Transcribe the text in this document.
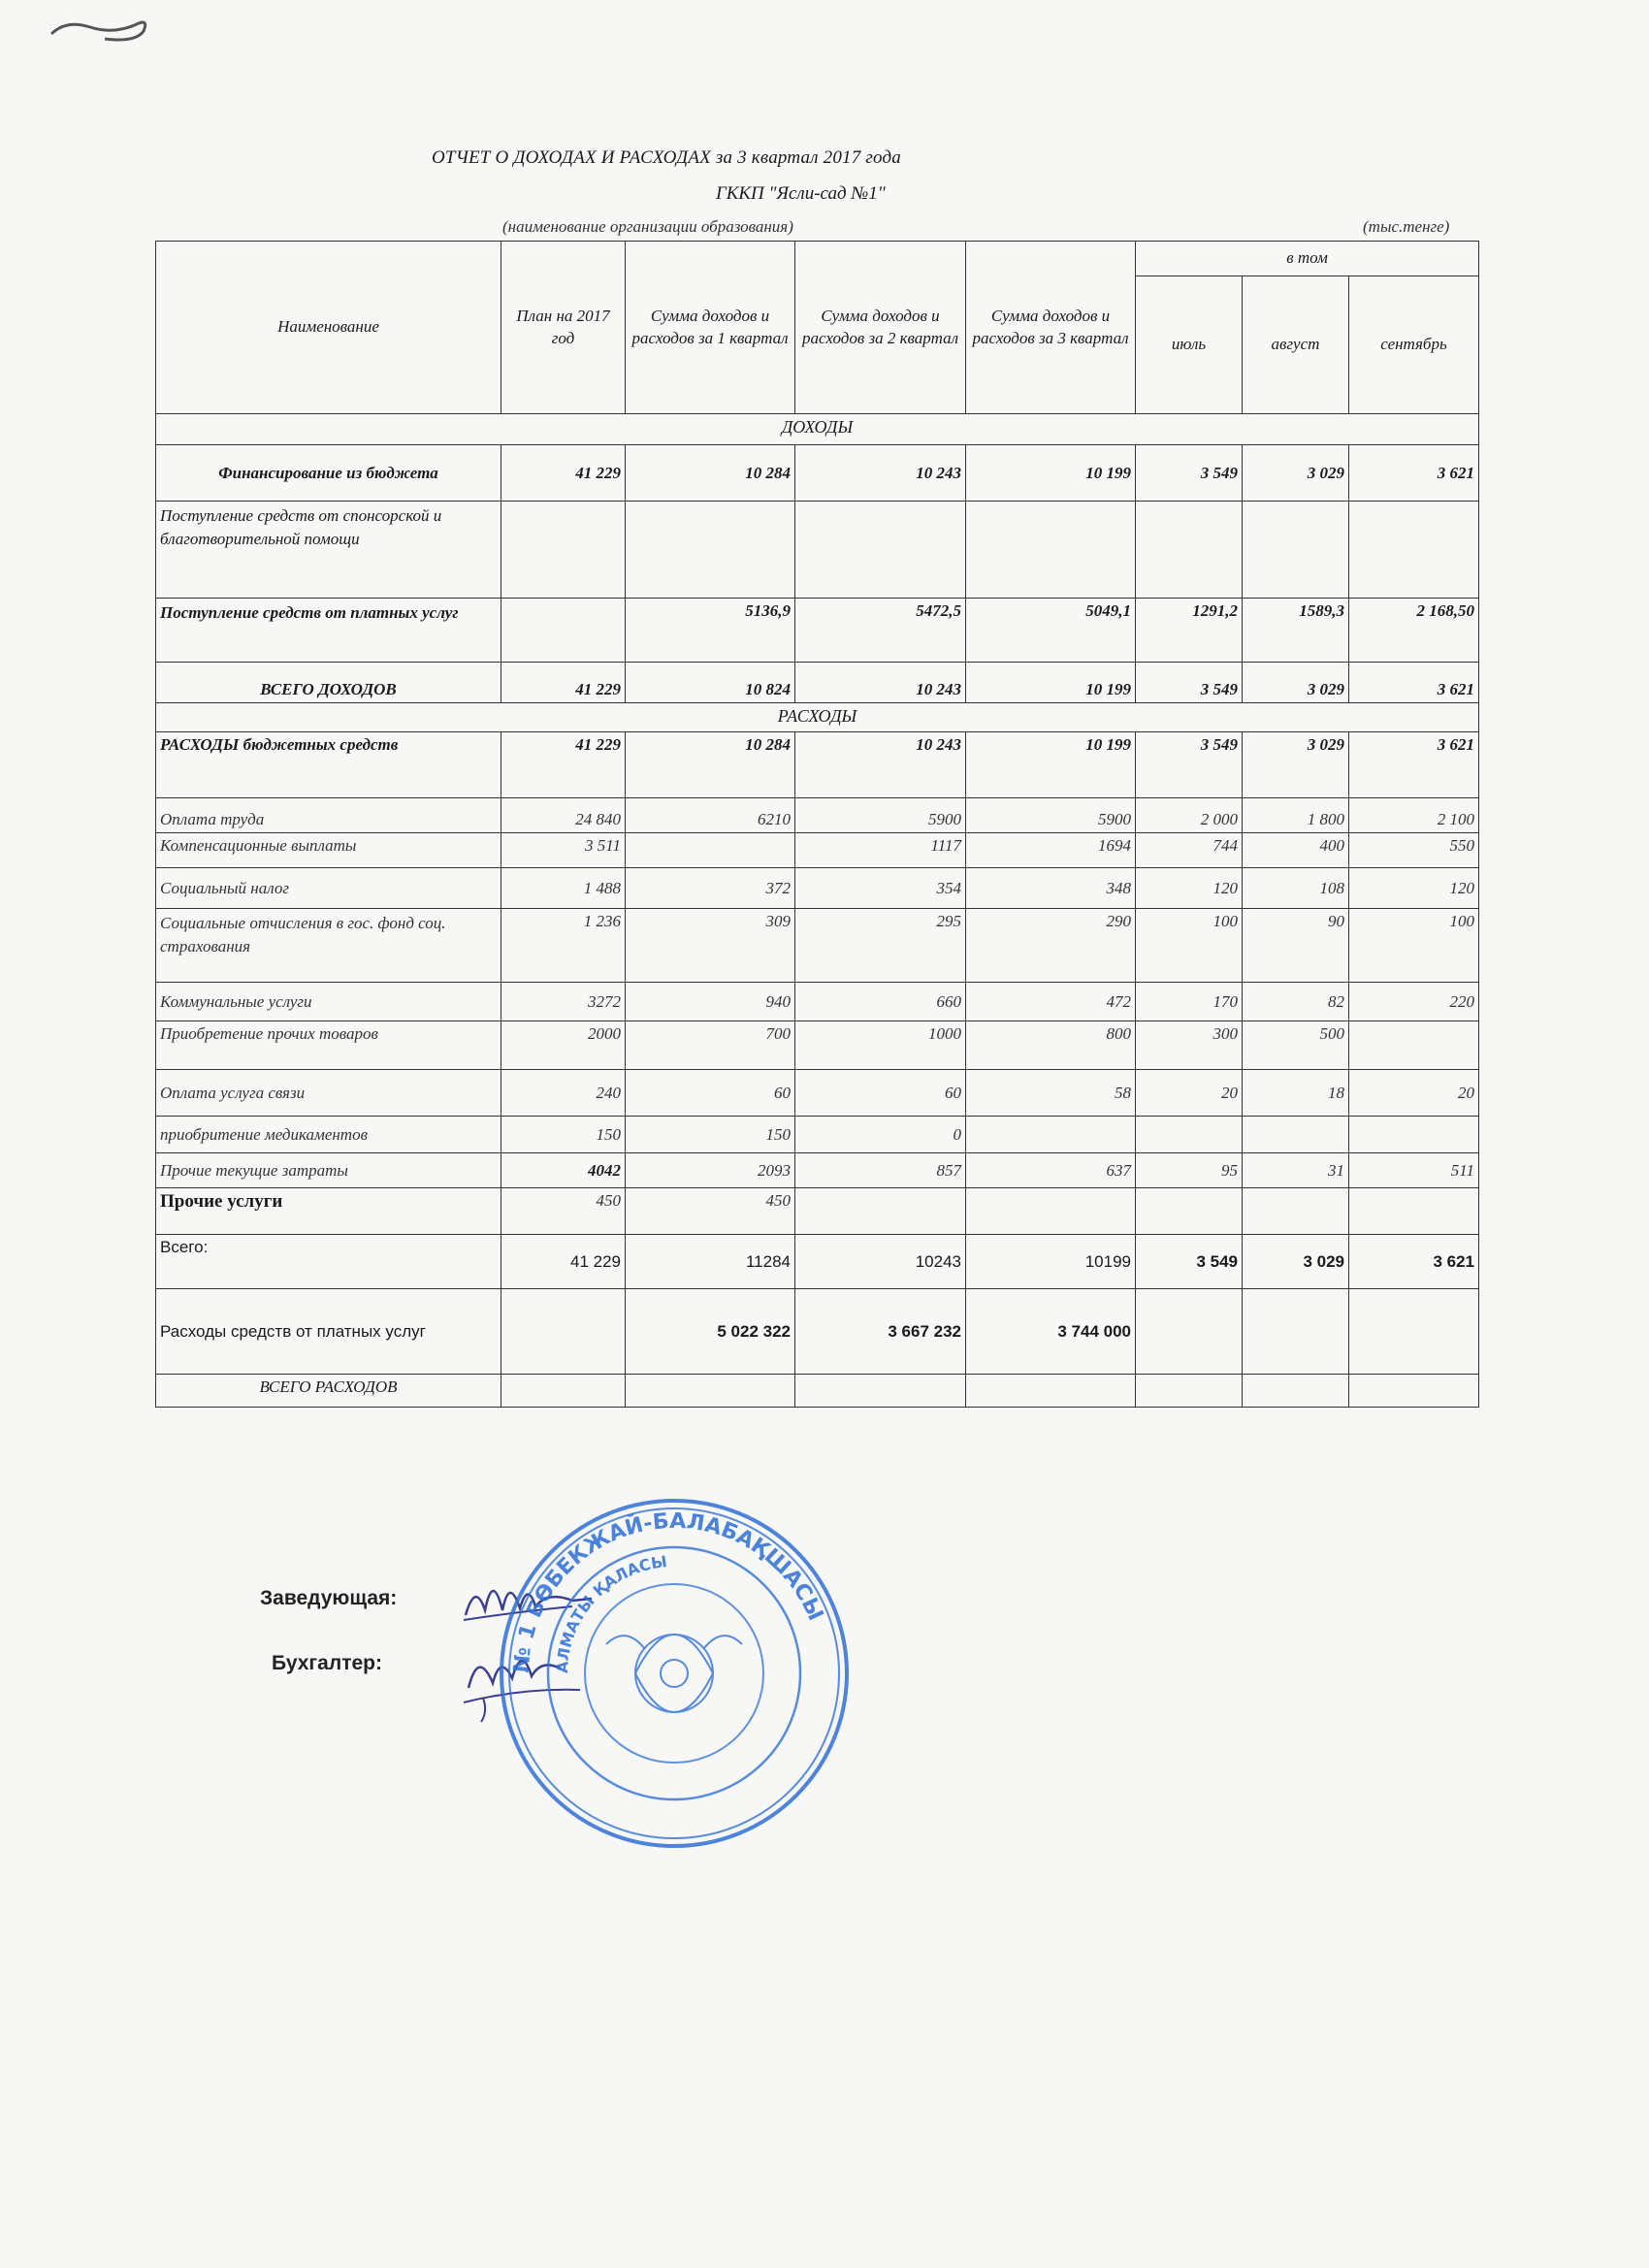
ОТЧЕТ О ДОХОДАХ И РАСХОДАХ за 3 квартал 2017 года
ГККП "Ясли-сад №1"
(наименование организации образования)	(тыс.тенге)
Наименование	План на 2017 год	Сумма доходов и расходов за 1 квартал	Сумма доходов и расходов за 2 квартал	Сумма доходов и расходов за 3 квартал	в том		
					июль	август	сентябрь
ДОХОДЫ							
Финансирование из бюджета	41 229	10 284	10 243	10 199	3 549	3 029	3 621
Поступление средств от спонсорской и благотворительной помощи							
Поступление средств от платных услуг		5136,9	5472,5	5049,1	1291,2	1589,3	2 168,50
ВСЕГО ДОХОДОВ	41 229	10 824	10 243	10 199	3 549	3 029	3 621
РАСХОДЫ							
РАСХОДЫ бюджетных средств	41 229	10 284	10 243	10 199	3 549	3 029	3 621
Оплата труда	24 840	6210	5900	5900	2 000	1 800	2 100
Компенсационные выплаты	3 511		1117	1694	744	400	550
Социальный налог	1 488	372	354	348	120	108	120
Социальные отчисления в гос. фонд соц. страхования	1 236	309	295	290	100	90	100
Коммунальные услуги	3272	940	660	472	170	82	220
Приобретение прочих товаров	2000	700	1000	800	300	500	
Оплата услуга связи	240	60	60	58	20	18	20
приобритение медикаментов	150	150	0				
Прочие текущие затраты	4042	2093	857	637	95	31	511
Прочие услуги	450	450					
Всего:	41 229	11284	10243	10199	3 549	3 029	3 621
Расходы средств от платных услуг		5 022 322	3 667 232	3 744 000			
ВСЕГО РАСХОДОВ							
Заведующая:
Бухгалтер:	№ 1 БӨБЕКЖАЙ-БАЛАБАҚШАСЫ
АЛМАТЫ ҚАЛАСЫ
